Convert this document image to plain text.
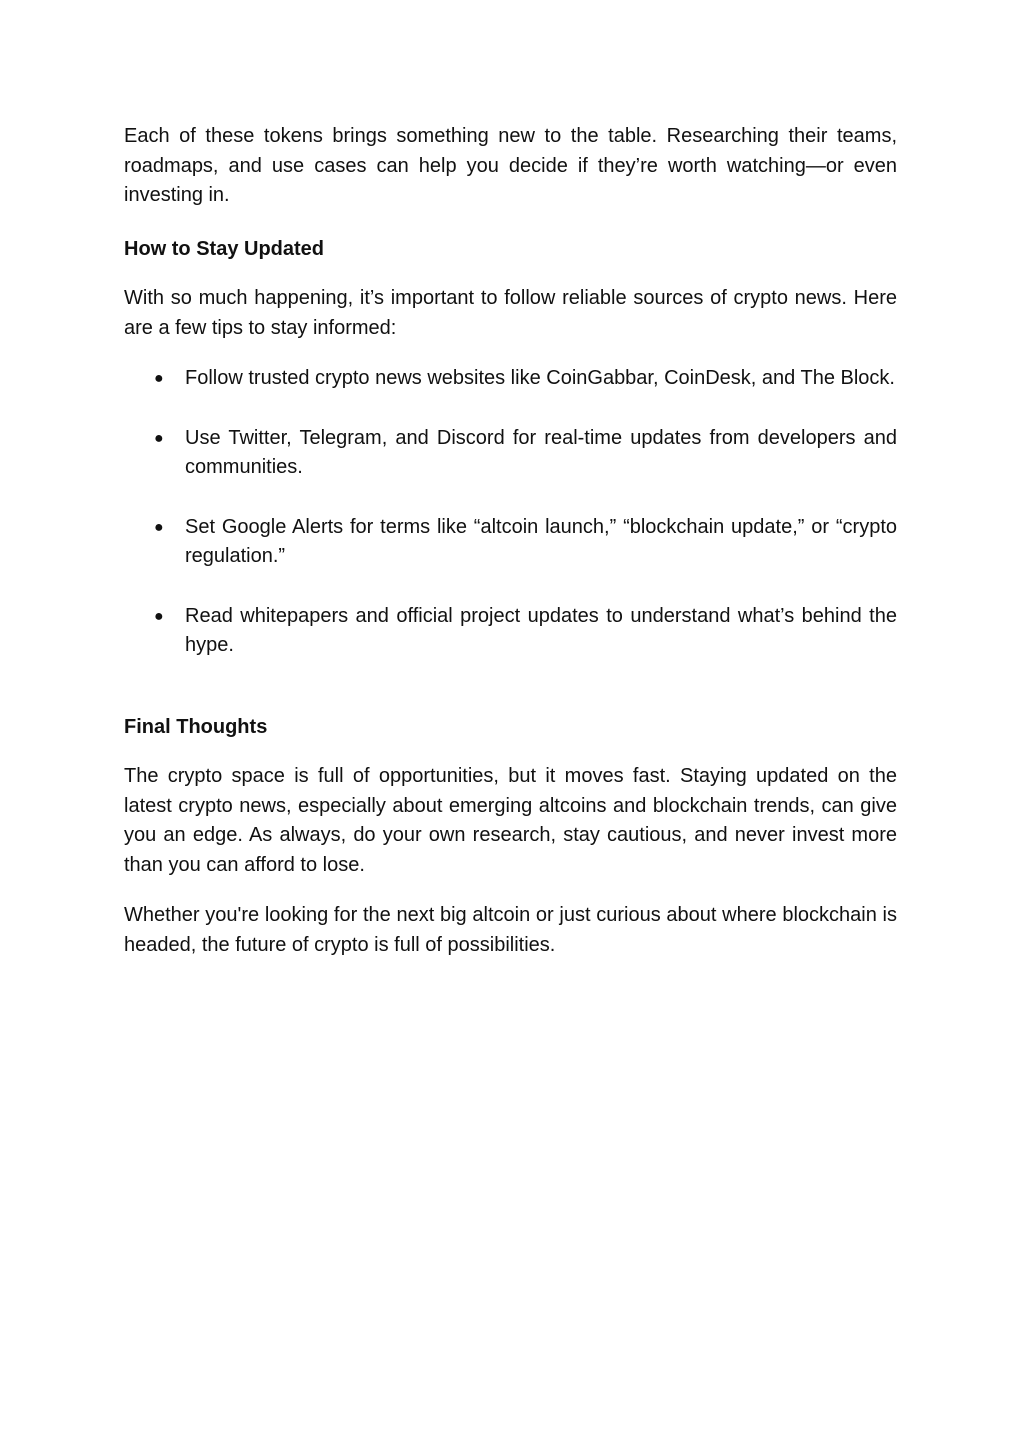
Each of these tokens brings something new to the table. Researching their teams, roadmaps, and use cases can help you decide if they’re worth watching—or even investing in.

How to Stay Updated

With so much happening, it’s important to follow reliable sources of crypto news. Here are a few tips to stay informed:

● Follow trusted crypto news websites like CoinGabbar, CoinDesk, and The Block.
● Use Twitter, Telegram, and Discord for real-time updates from developers and communities.
● Set Google Alerts for terms like “altcoin launch,” “blockchain update,” or “crypto regulation.”
● Read whitepapers and official project updates to understand what’s behind the hype.
Final Thoughts

The crypto space is full of opportunities, but it moves fast. Staying updated on the latest crypto news, especially about emerging altcoins and blockchain trends, can give you an edge. As always, do your own research, stay cautious, and never invest more than you can afford to lose.

Whether you're looking for the next big altcoin or just curious about where blockchain is headed, the future of crypto is full of possibilities.
